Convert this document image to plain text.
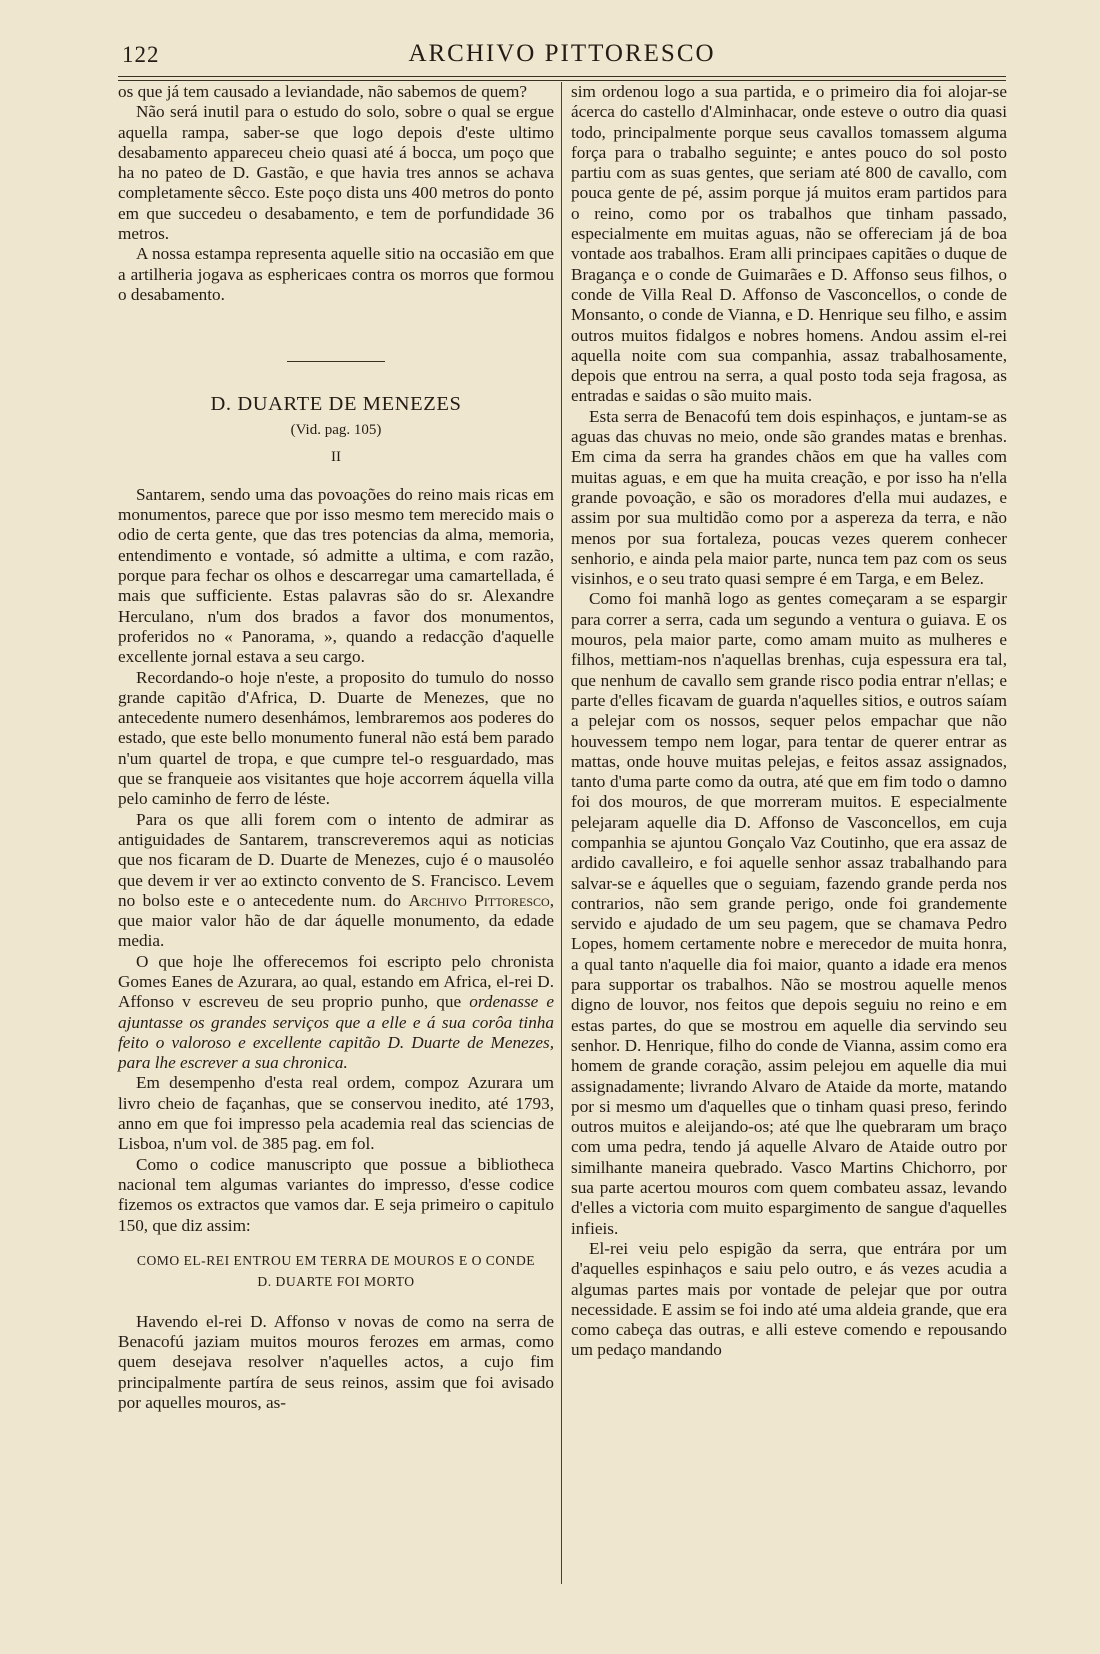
122	ARCHIVO PITTORESCO

os que já tem causado a leviandade, não sabemos de quem?

Não será inutil para o estudo do solo, sobre o qual se ergue aquella rampa, saber-se que logo depois d'este ultimo desabamento appareceu cheio quasi até á bocca, um poço que ha no pateo de D. Gastão, e que havia tres annos se achava completamente sêcco. Este poço dista uns 400 metros do ponto em que succedeu o desabamento, e tem de porfundidade 36 metros.

A nossa estampa representa aquelle sitio na occasião em que a artilheria jogava as esphericaes contra os morros que formou o desabamento.

D. DUARTE DE MENEZES
(Vid. pag. 105)
II

Santarem, sendo uma das povoações do reino mais ricas em monumentos, parece que por isso mesmo tem merecido mais o odio de certa gente, que das tres potencias da alma, memoria, entendimento e vontade, só admitte a ultima, e com razão, porque para fechar os olhos e descarregar uma camartellada, é mais que sufficiente. Estas palavras são do sr. Alexandre Herculano, n'um dos brados a favor dos monumentos, proferidos no « Panorama, », quando a redacção d'aquelle excellente jornal estava a seu cargo.

Recordando-o hoje n'este, a proposito do tumulo do nosso grande capitão d'Africa, D. Duarte de Menezes, que no antecedente numero desenhámos, lembraremos aos poderes do estado, que este bello monumento funeral não está bem parado n'um quartel de tropa, e que cumpre tel-o resguardado, mas que se franqueie aos visitantes que hoje accorrem áquella villa pelo caminho de ferro de léste.

Para os que alli forem com o intento de admirar as antiguidades de Santarem, transcreveremos aqui as noticias que nos ficaram de D. Duarte de Menezes, cujo é o mausoléo que devem ir ver ao extincto convento de S. Francisco. Levem no bolso este e o antecedente num. do Archivo Pittoresco, que maior valor hão de dar áquelle monumento, da edade media.

O que hoje lhe offerecemos foi escripto pelo chronista Gomes Eanes de Azurara, ao qual, estando em Africa, el-rei D. Affonso v escreveu de seu proprio punho, que ordenasse e ajuntasse os grandes serviços que a elle e á sua corôa tinha feito o valoroso e excellente capitão D. Duarte de Menezes, para lhe escrever a sua chronica.

Em desempenho d'esta real ordem, compoz Azurara um livro cheio de façanhas, que se conservou inedito, até 1793, anno em que foi impresso pela academia real das sciencias de Lisboa, n'um vol. de 385 pag. em fol.

Como o codice manuscripto que possue a bibliotheca nacional tem algumas variantes do impresso, d'esse codice fizemos os extractos que vamos dar. E seja primeiro o capitulo 150, que diz assim:

COMO EL-REI ENTROU EM TERRA DE MOUROS E O CONDE
D. DUARTE FOI MORTO

Havendo el-rei D. Affonso v novas de como na serra de Benacofú jaziam muitos mouros ferozes em armas, como quem desejava resolver n'aquelles actos, a cujo fim principalmente partíra de seus reinos, assim que foi avisado por aquelles mouros, as-

sim ordenou logo a sua partida, e o primeiro dia foi alojar-se ácerca do castello d'Alminhacar, onde esteve o outro dia quasi todo, principalmente porque seus cavallos tomassem alguma força para o trabalho seguinte; e antes pouco do sol posto partiu com as suas gentes, que seriam até 800 de cavallo, com pouca gente de pé, assim porque já muitos eram partidos para o reino, como por os trabalhos que tinham passado, especialmente em muitas aguas, não se offereciam já de boa vontade aos trabalhos. Eram alli principaes capitães o duque de Bragança e o conde de Guimarães e D. Affonso seus filhos, o conde de Villa Real D. Affonso de Vasconcellos, o conde de Monsanto, o conde de Vianna, e D. Henrique seu filho, e assim outros muitos fidalgos e nobres homens. Andou assim el-rei aquella noite com sua companhia, assaz trabalhosamente, depois que entrou na serra, a qual posto toda seja fragosa, as entradas e saidas o são muito mais.

Esta serra de Benacofú tem dois espinhaços, e juntam-se as aguas das chuvas no meio, onde são grandes matas e brenhas. Em cima da serra ha grandes chãos em que ha valles com muitas aguas, e em que ha muita creação, e por isso ha n'ella grande povoação, e são os moradores d'ella mui audazes, e assim por sua multidão como por a aspereza da terra, e não menos por sua fortaleza, poucas vezes querem conhecer senhorio, e ainda pela maior parte, nunca tem paz com os seus visinhos, e o seu trato quasi sempre é em Targa, e em Belez.

Como foi manhã logo as gentes começaram a se espargir para correr a serra, cada um segundo a ventura o guiava. E os mouros, pela maior parte, como amam muito as mulheres e filhos, mettiam-nos n'aquellas brenhas, cuja espessura era tal, que nenhum de cavallo sem grande risco podia entrar n'ellas; e parte d'elles ficavam de guarda n'aquelles sitios, e outros saíam a pelejar com os nossos, sequer pelos empachar que não houvessem tempo nem logar, para tentar de querer entrar as mattas, onde houve muitas pelejas, e feitos assaz assignados, tanto d'uma parte como da outra, até que em fim todo o damno foi dos mouros, de que morreram muitos. E especialmente pelejaram aquelle dia D. Affonso de Vasconcellos, em cuja companhia se ajuntou Gonçalo Vaz Coutinho, que era assaz de ardido cavalleiro, e foi aquelle senhor assaz trabalhando para salvar-se e áquelles que o seguiam, fazendo grande perda nos contrarios, não sem grande perigo, onde foi grandemente servido e ajudado de um seu pagem, que se chamava Pedro Lopes, homem certamente nobre e merecedor de muita honra, a qual tanto n'aquelle dia foi maior, quanto a idade era menos para supportar os trabalhos. Não se mostrou aquelle menos digno de louvor, nos feitos que depois seguiu no reino e em estas partes, do que se mostrou em aquelle dia servindo seu senhor. D. Henrique, filho do conde de Vianna, assim como era homem de grande coração, assim pelejou em aquelle dia mui assignadamente; livrando Alvaro de Ataide da morte, matando por si mesmo um d'aquelles que o tinham quasi preso, ferindo outros muitos e aleijando-os; até que lhe quebraram um braço com uma pedra, tendo já aquelle Alvaro de Ataide outro por similhante maneira quebrado. Vasco Martins Chichorro, por sua parte acertou mouros com quem combateu assaz, levando d'elles a victoria com muito espargimento de sangue d'aquelles infieis.

El-rei veiu pelo espigão da serra, que entrára por um d'aquelles espinhaços e saiu pelo outro, e ás vezes acudia a algumas partes mais por vontade de pelejar que por outra necessidade. E assim se foi indo até uma aldeia grande, que era como cabeça das outras, e alli esteve comendo e repousando um pedaço mandando
